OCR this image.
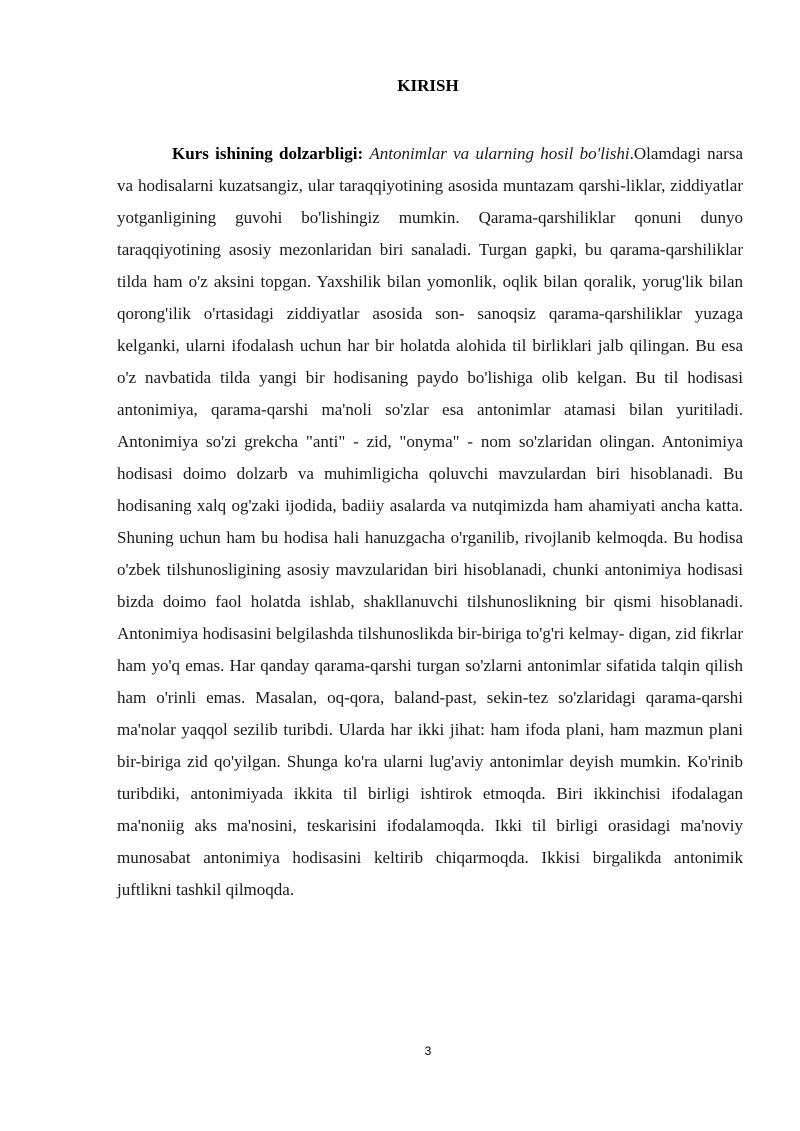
KIRISH

Kurs ishining dolzarbligi: Antonimlar va ularning hosil bo'lishi.Olamdagi narsa va hodisalarni kuzatsangiz, ular taraqqiyotining asosida muntazam qarshi-liklar, ziddiyatlar yotganligining guvohi bo'lishingiz mumkin. Qarama-qarshiliklar qonuni dunyo taraqqiyotining asosiy mezonlaridan biri sanaladi. Turgan gapki, bu qarama-qarshiliklar tilda ham o'z aksini topgan. Yaxshilik bilan yomonlik, oqlik bilan qoralik, yorug'lik bilan qorong'ilik o'rtasidagi ziddiyatlar asosida son- sanoqsiz qarama-qarshiliklar yuzaga kelganki, ularni ifodalash uchun har bir holatda alohida til birliklari jalb qilingan. Bu esa o'z navbatida tilda yangi bir hodisaning paydo bo'lishiga olib kelgan. Bu til hodisasi antonimiya, qarama-qarshi ma'noli so'zlar esa antonimlar atamasi bilan yuritiladi. Antonimiya so'zi grekcha "anti" - zid, "onyma" - nom so'zlaridan olingan. Antonimiya hodisasi doimo dolzarb va muhimligicha qoluvchi mavzulardan biri hisoblanadi. Bu hodisaning xalq og'zaki ijodida, badiiy asalarda va nutqimizda ham ahamiyati ancha katta. Shuning uchun ham bu hodisa hali hanuzgacha o'rganilib, rivojlanib kelmoqda. Bu hodisa o'zbek tilshunosligining asosiy mavzularidan biri hisoblanadi, chunki antonimiya hodisasi bizda doimo faol holatda ishlab, shakllanuvchi tilshunoslikning bir qismi hisoblanadi. Antonimiya hodisasini belgilashda tilshunoslikda bir-biriga to'g'ri kelmay- digan, zid fikrlar ham yo'q emas. Har qanday qarama-qarshi turgan so'zlarni antonimlar sifatida talqin qilish ham o'rinli emas. Masalan, oq-qora, baland-past, sekin-tez so'zlaridagi qarama-qarshi ma'nolar yaqqol sezilib turibdi. Ularda har ikki jihat: ham ifoda plani, ham mazmun plani bir-biriga zid qo'yilgan. Shunga ko'ra ularni lug'aviy antonimlar deyish mumkin. Ko'rinib turibdiki, antonimiyada ikkita til birligi ishtirok etmoqda. Biri ikkinchisi ifodalagan ma'noniig aks ma'nosini, teskarisini ifodalamoqda. Ikki til birligi orasidagi ma'noviy munosabat antonimiya hodisasini keltirib chiqarmoqda. Ikkisi birgalikda antonimik juftlikni tashkil qilmoqda.

3
